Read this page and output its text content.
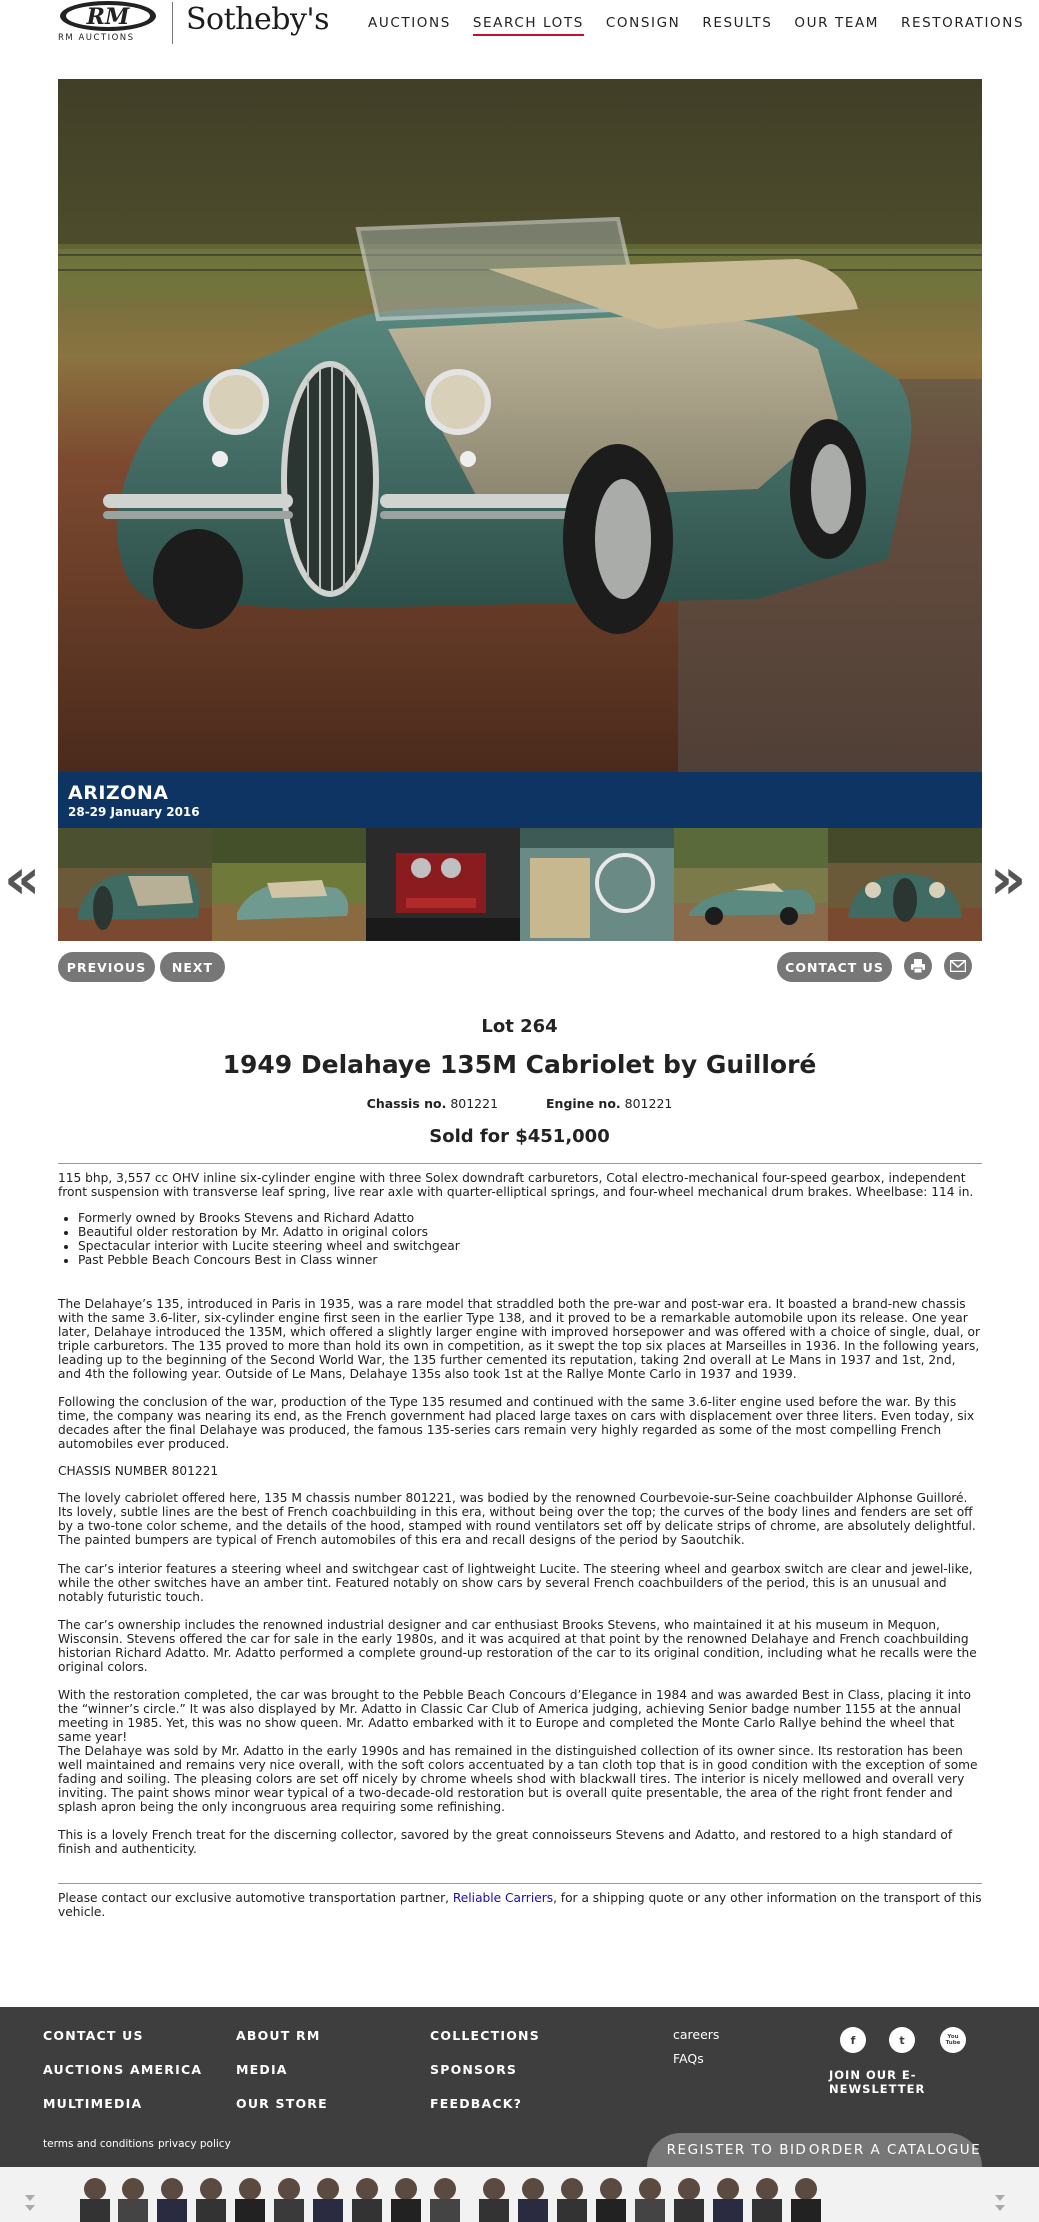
RM
RM AUCTIONS
Sotheby's	AUCTIONS SEARCH LOTS CONSIGN RESULTS OUR TEAM RESTORATIONS
ARIZONA
28-29 January 2016
«	»
PREVIOUS	NEXT	CONTACT US
Lot 264
1949 Delahaye 135M Cabriolet by Guilloré
Chassis no. 801221	Engine no. 801221
Sold for $451,000
115 bhp, 3,557 cc OHV inline six-cylinder engine with three Solex downdraft carburetors, Cotal electro-mechanical four-speed gearbox, independent front suspension with transverse leaf spring, live rear axle with quarter-elliptical springs, and four-wheel mechanical drum brakes. Wheelbase: 114 in.
• Formerly owned by Brooks Stevens and Richard Adatto
• Beautiful older restoration by Mr. Adatto in original colors
• Spectacular interior with Lucite steering wheel and switchgear
• Past Pebble Beach Concours Best in Class winner
The Delahaye’s 135, introduced in Paris in 1935, was a rare model that straddled both the pre-war and post-war era. It boasted a brand-new chassis with the same 3.6-liter, six-cylinder engine first seen in the earlier Type 138, and it proved to be a remarkable automobile upon its release. One year later, Delahaye introduced the 135M, which offered a slightly larger engine with improved horsepower and was offered with a choice of single, dual, or triple carburetors. The 135 proved to more than hold its own in competition, as it swept the top six places at Marseilles in 1936. In the following years, leading up to the beginning of the Second World War, the 135 further cemented its reputation, taking 2nd overall at Le Mans in 1937 and 1st, 2nd, and 4th the following year. Outside of Le Mans, Delahaye 135s also took 1st at the Rallye Monte Carlo in 1937 and 1939.
Following the conclusion of the war, production of the Type 135 resumed and continued with the same 3.6-liter engine used before the war. By this time, the company was nearing its end, as the French government had placed large taxes on cars with displacement over three liters. Even today, six decades after the final Delahaye was produced, the famous 135-series cars remain very highly regarded as some of the most compelling French automobiles ever produced.
CHASSIS NUMBER 801221
The lovely cabriolet offered here, 135 M chassis number 801221, was bodied by the renowned Courbevoie-sur-Seine coachbuilder Alphonse Guilloré. Its lovely, subtle lines are the best of French coachbuilding in this era, without being over the top; the curves of the body lines and fenders are set off by a two-tone color scheme, and the details of the hood, stamped with round ventilators set off by delicate strips of chrome, are absolutely delightful. The painted bumpers are typical of French automobiles of this era and recall designs of the period by Saoutchik.
The car’s interior features a steering wheel and switchgear cast of lightweight Lucite. The steering wheel and gearbox switch are clear and jewel-like, while the other switches have an amber tint. Featured notably on show cars by several French coachbuilders of the period, this is an unusual and notably futuristic touch.
The car’s ownership includes the renowned industrial designer and car enthusiast Brooks Stevens, who maintained it at his museum in Mequon, Wisconsin. Stevens offered the car for sale in the early 1980s, and it was acquired at that point by the renowned Delahaye and French coachbuilding historian Richard Adatto. Mr. Adatto performed a complete ground-up restoration of the car to its original condition, including what he recalls were the original colors.
With the restoration completed, the car was brought to the Pebble Beach Concours d’Elegance in 1984 and was awarded Best in Class, placing it into the “winner’s circle.” It was also displayed by Mr. Adatto in Classic Car Club of America judging, achieving Senior badge number 1155 at the annual meeting in 1985. Yet, this was no show queen. Mr. Adatto embarked with it to Europe and completed the Monte Carlo Rallye behind the wheel that same year!
The Delahaye was sold by Mr. Adatto in the early 1990s and has remained in the distinguished collection of its owner since. Its restoration has been well maintained and remains very nice overall, with the soft colors accentuated by a tan cloth top that is in good condition with the exception of some fading and soiling. The pleasing colors are set off nicely by chrome wheels shod with blackwall tires. The interior is nicely mellowed and overall very inviting. The paint shows minor wear typical of a two-decade-old restoration but is overall quite presentable, the area of the right front fender and splash apron being the only incongruous area requiring some refinishing.
This is a lovely French treat for the discerning collector, savored by the great connoisseurs Stevens and Adatto, and restored to a high standard of finish and authenticity.
Please contact our exclusive automotive transportation partner, Reliable Carriers, for a shipping quote or any other information on the transport of this vehicle.
CONTACT US
AUCTIONS AMERICA
MULTIMEDIA
ABOUT RM
MEDIA
OUR STORE
COLLECTIONS
SPONSORS
FEEDBACK?
careers
FAQs
f	t	You Tube
JOIN OUR E-NEWSLETTER
terms and conditions privacy policy	REGISTER TO BID ORDER A CATALOGUE
